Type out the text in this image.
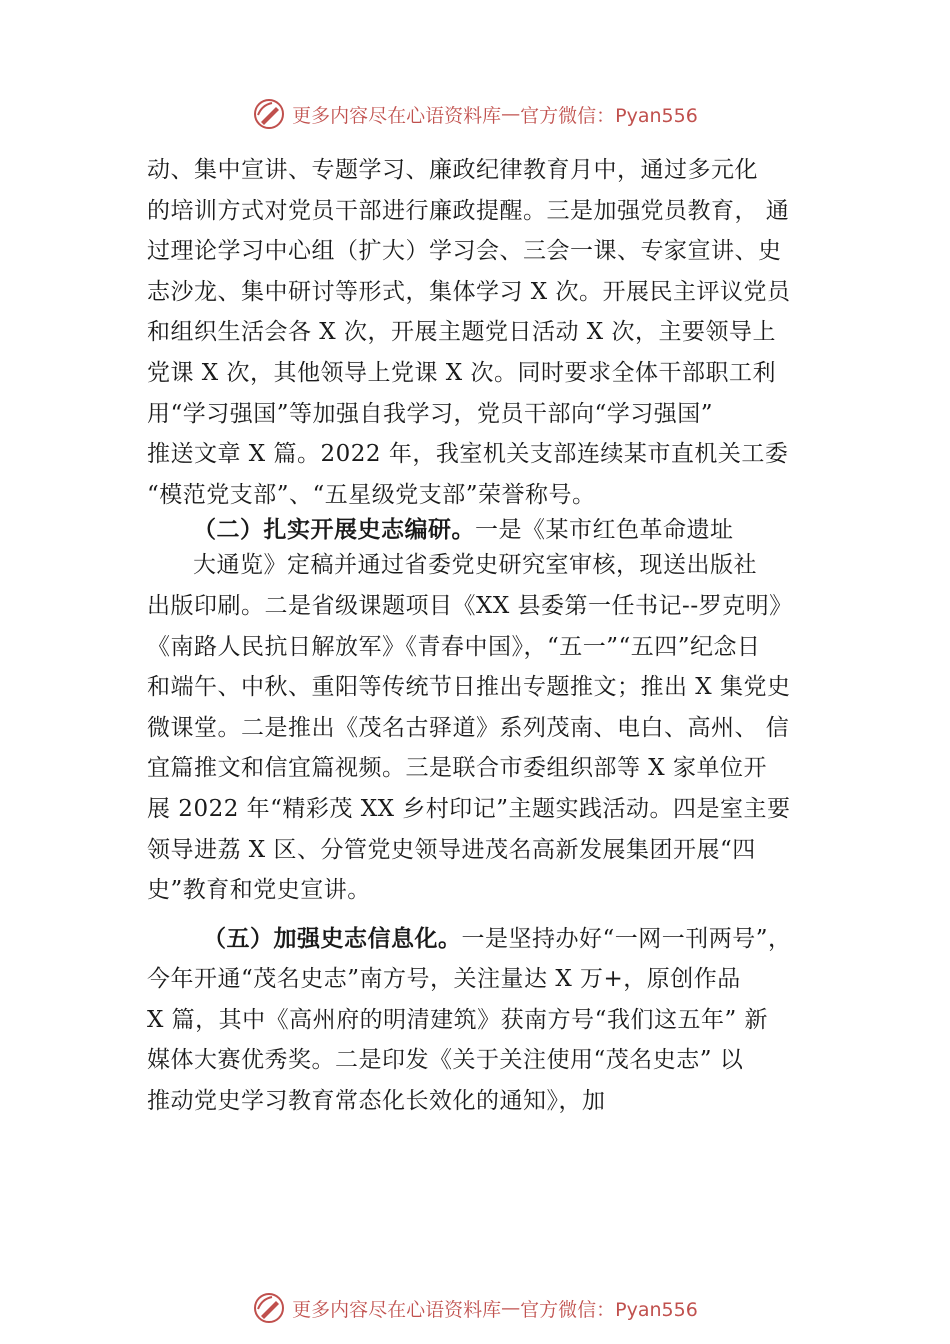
更多内容尽在心语资料库 — 官方微信：Pyan556
动、集中宣讲、专题学习、廉政纪律教育月中，通过多元化
的培训方式对党员干部进行廉政提醒。三是加强党员教育， 通
过理论学习中心组（扩大）学习会、三会一课、专家宣讲、史
志沙龙、集中研讨等形式，集体学习 X 次。开展民主评议党员
和组织生活会各 X 次，开展主题党日活动 X 次，主要领导上
党课 X 次，其他领导上党课 X 次。同时要求全体干部职工利
用“学习强国”等加强自我学习，党员干部向“学习强国”
推送文章 X 篇。2022 年，我室机关支部连续某市直机关工委
“模范党支部”、“五星级党支部”荣誉称号。
（二）扎实开展史志编研。一是《某市红色革命遗址
大通览》定稿并通过省委党史研究室审核，现送出版社
出版印刷。二是省级课题项目《XX 县委第一任书记--罗克明》
《南路人民抗日解放军》《青春中国》，“五一”“五四”纪念日
和端午、中秋、重阳等传统节日推出专题推文；推出 X 集党史
微课堂。二是推出《茂名古驿道》系列茂南、电白、高州、 信
宜篇推文和信宜篇视频。三是联合市委组织部等 X 家单位开
展 2022 年“精彩茂 XX 乡村印记”主题实践活动。四是室主要
领导进荔 X 区、分管党史领导进茂名高新发展集团开展“四
史”教育和党史宣讲。
（五）加强史志信息化。一是坚持办好“一网一刊两号”，
今年开通“茂名史志”南方号，关注量达 X 万+，原创作品
X 篇，其中《高州府的明清建筑》获南方号“我们这五年” 新
媒体大赛优秀奖。二是印发《关于关注使用“茂名史志” 以
推动党史学习教育常态化长效化的通知》，加
更多内容尽在心语资料库 — 官方微信：Pyan556
